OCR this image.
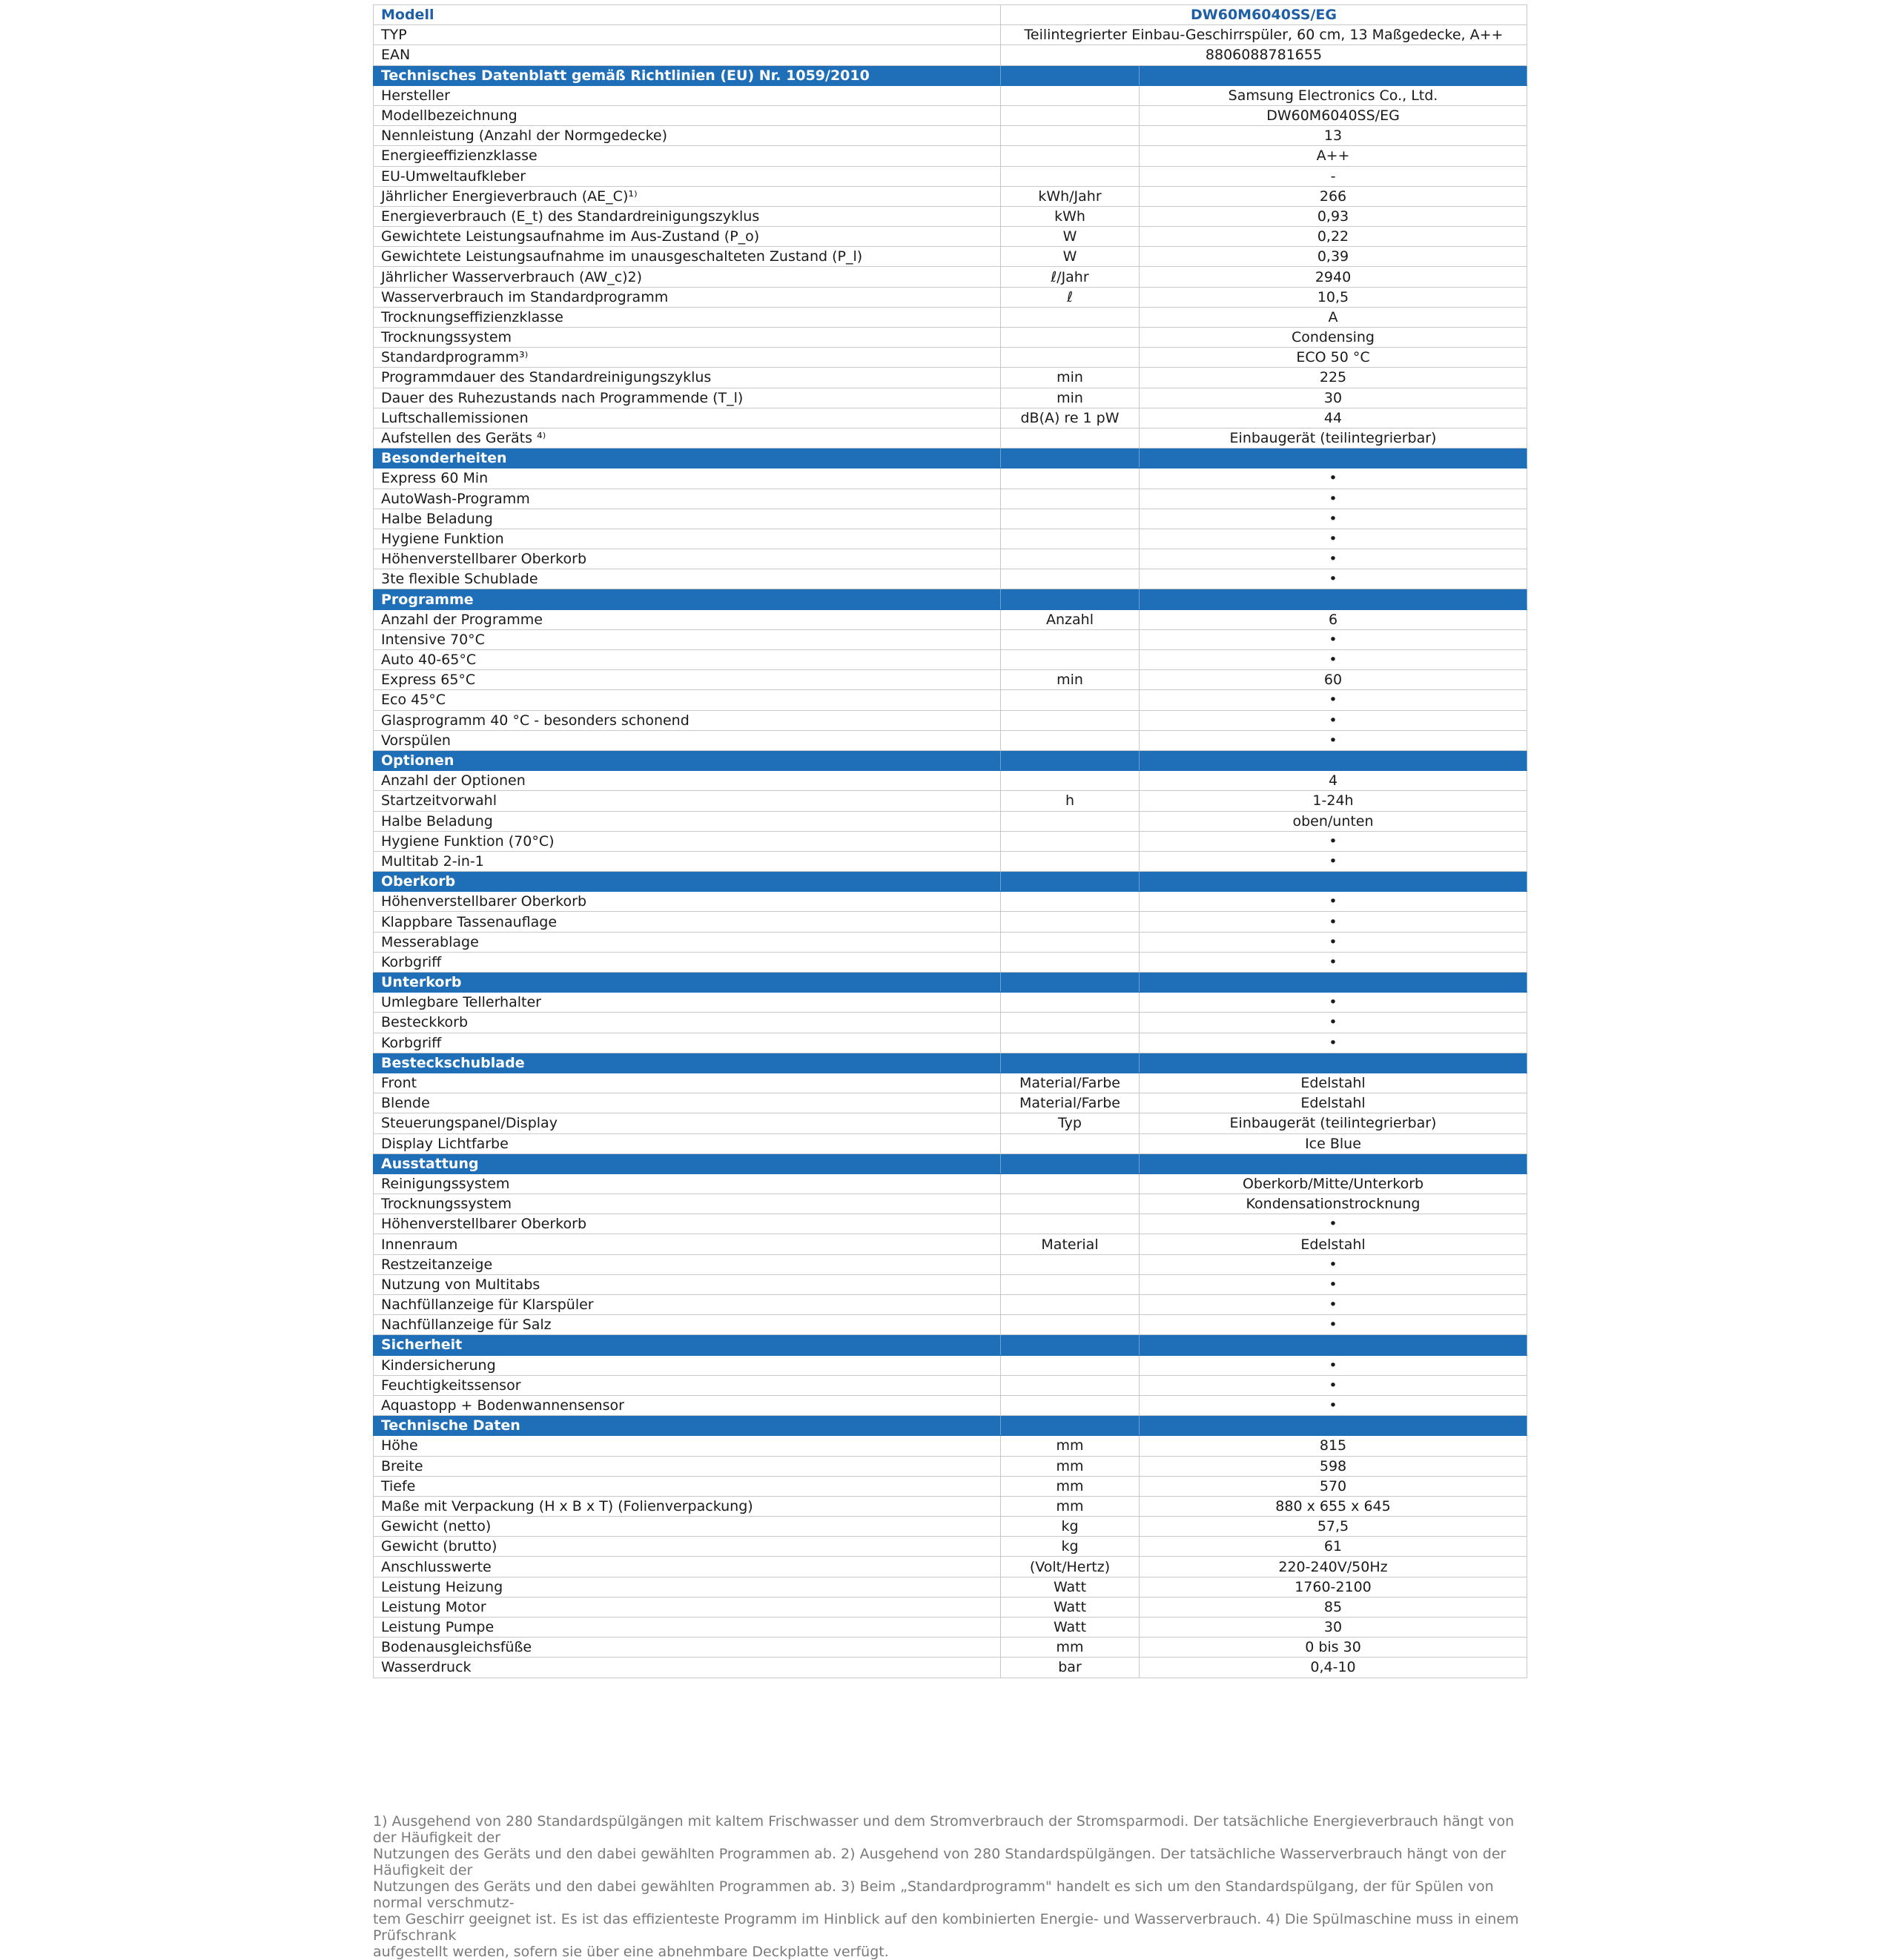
Modell	DW60M6040SS/EG	
TYP	Teilintegrierter Einbau-Geschirrspüler, 60 cm, 13 Maßgedecke, A++	
EAN	8806088781655	
Technisches Datenblatt gemäß Richtlinien (EU) Nr. 1059/2010		
Hersteller		Samsung Electronics Co., Ltd.
Modellbezeichnung		DW60M6040SS/EG
Nennleistung (Anzahl der Normgedecke)		13
Energieeffizienzklasse		A++
EU-Umweltaufkleber		-
Jährlicher Energieverbrauch (AE_C)¹⁾	kWh/Jahr	266
Energieverbrauch (E_t) des Standardreinigungszyklus	kWh	0,93
Gewichtete Leistungsaufnahme im Aus-Zustand (P_o)	W	0,22
Gewichtete Leistungsaufnahme im unausgeschalteten Zustand (P_l)	W	0,39
Jährlicher Wasserverbrauch (AW_c)2)	ℓ/Jahr	2940
Wasserverbrauch im Standardprogramm	ℓ	10,5
Trocknungseffizienzklasse		A
Trocknungssystem		Condensing
Standardprogramm³⁾		ECO 50 °C
Programmdauer des Standardreinigungszyklus	min	225
Dauer des Ruhezustands nach Programmende (T_l)	min	30
Luftschallemissionen	dB(A) re 1 pW	44
Aufstellen des Geräts ⁴⁾		Einbaugerät (teilintegrierbar)
Besonderheiten		
Express 60 Min		•
AutoWash-Programm		•
Halbe Beladung		•
Hygiene Funktion		•
Höhenverstellbarer Oberkorb		•
3te flexible Schublade		•
Programme		
Anzahl der Programme	Anzahl	6
Intensive 70°C		•
Auto 40-65°C		•
Express 65°C	min	60
Eco 45°C		•
Glasprogramm 40 °C - besonders schonend		•
Vorspülen		•
Optionen		
Anzahl der Optionen		4
Startzeitvorwahl	h	1-24h
Halbe Beladung		oben/unten
Hygiene Funktion (70°C)		•
Multitab 2-in-1		•
Oberkorb		
Höhenverstellbarer Oberkorb		•
Klappbare Tassenauflage		•
Messerablage		•
Korbgriff		•
Unterkorb		
Umlegbare Tellerhalter		•
Besteckkorb		•
Korbgriff		•
Besteckschublade		
Front	Material/Farbe	Edelstahl
Blende	Material/Farbe	Edelstahl
Steuerungspanel/Display	Typ	Einbaugerät (teilintegrierbar)
Display Lichtfarbe		Ice Blue
Ausstattung		
Reinigungssystem		Oberkorb/Mitte/Unterkorb
Trocknungssystem		Kondensationstrocknung
Höhenverstellbarer Oberkorb		•
Innenraum	Material	Edelstahl
Restzeitanzeige		•
Nutzung von Multitabs		•
Nachfüllanzeige für Klarspüler		•
Nachfüllanzeige für Salz		•
Sicherheit		
Kindersicherung		•
Feuchtigkeitssensor		•
Aquastopp + Bodenwannensensor		•
Technische Daten		
Höhe	mm	815
Breite	mm	598
Tiefe	mm	570
Maße mit Verpackung (H x B x T) (Folienverpackung)	mm	880 x 655 x 645
Gewicht (netto)	kg	57,5
Gewicht (brutto)	kg	61
Anschlusswerte	(Volt/Hertz)	220-240V/50Hz
Leistung Heizung	Watt	1760-2100
Leistung Motor	Watt	85
Leistung Pumpe	Watt	30
Bodenausgleichsfüße	mm	0 bis 30
Wasserdruck	bar	0,4-10
1) Ausgehend von 280 Standardspülgängen mit kaltem Frischwasser und dem Stromverbrauch der Stromsparmodi. Der tatsächliche Energieverbrauch hängt von der Häufigkeit der
Nutzungen des Geräts und den dabei gewählten Programmen ab. 2) Ausgehend von 280 Standardspülgängen. Der tatsächliche Wasserverbrauch hängt von der Häufigkeit der
Nutzungen des Geräts und den dabei gewählten Programmen ab. 3) Beim „Standardprogramm" handelt es sich um den Standardspülgang, der für Spülen von normal verschmutz-
tem Geschirr geeignet ist. Es ist das effizienteste Programm im Hinblick auf den kombinierten Energie- und Wasserverbrauch. 4) Die Spülmaschine muss in einem Prüfschrank
aufgestellt werden, sofern sie über eine abnehmbare Deckplatte verfügt.
